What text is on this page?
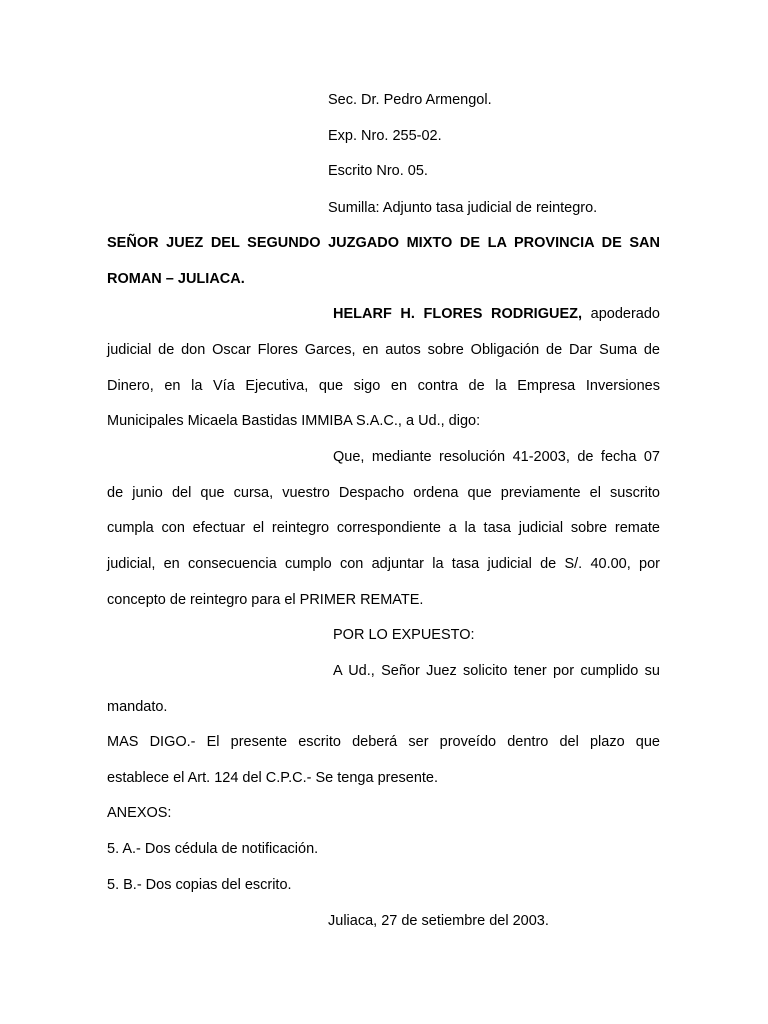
Sec. Dr. Pedro Armengol.
Exp. Nro. 255-02.
Escrito Nro. 05.
Sumilla: Adjunto tasa judicial de reintegro.
SEÑOR JUEZ DEL SEGUNDO JUZGADO MIXTO DE LA PROVINCIA DE SAN
ROMAN – JULIACA.
HELARF H. FLORES RODRIGUEZ, apoderado
judicial de don Oscar Flores Garces, en autos sobre Obligación de Dar Suma de
Dinero, en la Vía Ejecutiva, que sigo en contra de la Empresa Inversiones
Municipales Micaela Bastidas IMMIBA S.A.C., a Ud., digo:
Que, mediante resolución 41-2003, de fecha 07
de junio del que cursa, vuestro Despacho ordena que previamente el suscrito
cumpla con efectuar el reintegro correspondiente a la tasa judicial sobre remate
judicial, en consecuencia cumplo con adjuntar la tasa judicial de S/. 40.00, por
concepto de reintegro para el PRIMER REMATE.
POR LO EXPUESTO:
A Ud., Señor Juez solicito tener por cumplido su
mandato.
MAS DIGO.- El presente escrito deberá ser proveído dentro del plazo que
establece el Art. 124 del C.P.C.- Se tenga presente.
ANEXOS:
5. A.- Dos cédula de notificación.
5. B.- Dos copias del escrito.
Juliaca, 27 de setiembre del 2003.
